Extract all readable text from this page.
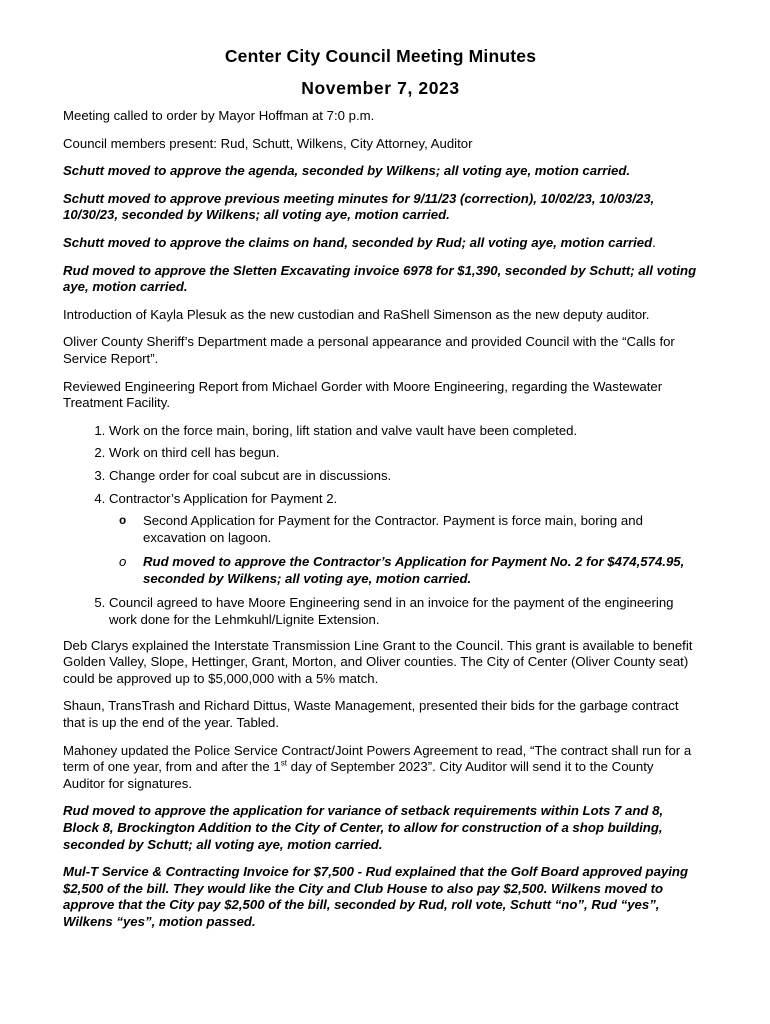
Center City Council Meeting Minutes
November 7, 2023

Meeting called to order by Mayor Hoffman at 7:0 p.m.

Council members present: Rud, Schutt, Wilkens, City Attorney, Auditor

Schutt moved to approve the agenda, seconded by Wilkens; all voting aye, motion carried.

Schutt moved to approve previous meeting minutes for 9/11/23 (correction), 10/02/23, 10/03/23, 10/30/23, seconded by Wilkens; all voting aye, motion carried.

Schutt moved to approve the claims on hand, seconded by Rud; all voting aye, motion carried.

Rud moved to approve the Sletten Excavating invoice 6978 for $1,390, seconded by Schutt; all voting aye, motion carried.

Introduction of Kayla Plesuk as the new custodian and RaShell Simenson as the new deputy auditor.

Oliver County Sheriff’s Department made a personal appearance and provided Council with the “Calls for Service Report”.

Reviewed Engineering Report from Michael Gorder with Moore Engineering, regarding the Wastewater Treatment Facility.

1. Work on the force main, boring, lift station and valve vault have been completed.
2. Work on third cell has begun.
3. Change order for coal subcut are in discussions.
4. Contractor’s Application for Payment 2.
o Second Application for Payment for the Contractor. Payment is force main, boring and excavation on lagoon.
o Rud moved to approve the Contractor’s Application for Payment No. 2 for $474,574.95, seconded by Wilkens; all voting aye, motion carried.
5. Council agreed to have Moore Engineering send in an invoice for the payment of the engineering work done for the Lehmkuhl/Lignite Extension.

Deb Clarys explained the Interstate Transmission Line Grant to the Council. This grant is available to benefit Golden Valley, Slope, Hettinger, Grant, Morton, and Oliver counties. The City of Center (Oliver County seat) could be approved up to $5,000,000 with a 5% match.

Shaun, TransTrash and Richard Dittus, Waste Management, presented their bids for the garbage contract that is up the end of the year. Tabled.

Mahoney updated the Police Service Contract/Joint Powers Agreement to read, “The contract shall run for a term of one year, from and after the 1st day of September 2023”. City Auditor will send it to the County Auditor for signatures.

Rud moved to approve the application for variance of setback requirements within Lots 7 and 8, Block 8, Brockington Addition to the City of Center, to allow for construction of a shop building, seconded by Schutt; all voting aye, motion carried.

Mul-T Service & Contracting Invoice for $7,500 - Rud explained that the Golf Board approved paying $2,500 of the bill. They would like the City and Club House to also pay $2,500. Wilkens moved to approve that the City pay $2,500 of the bill, seconded by Rud, roll vote, Schutt “no”, Rud “yes”, Wilkens “yes”, motion passed.
